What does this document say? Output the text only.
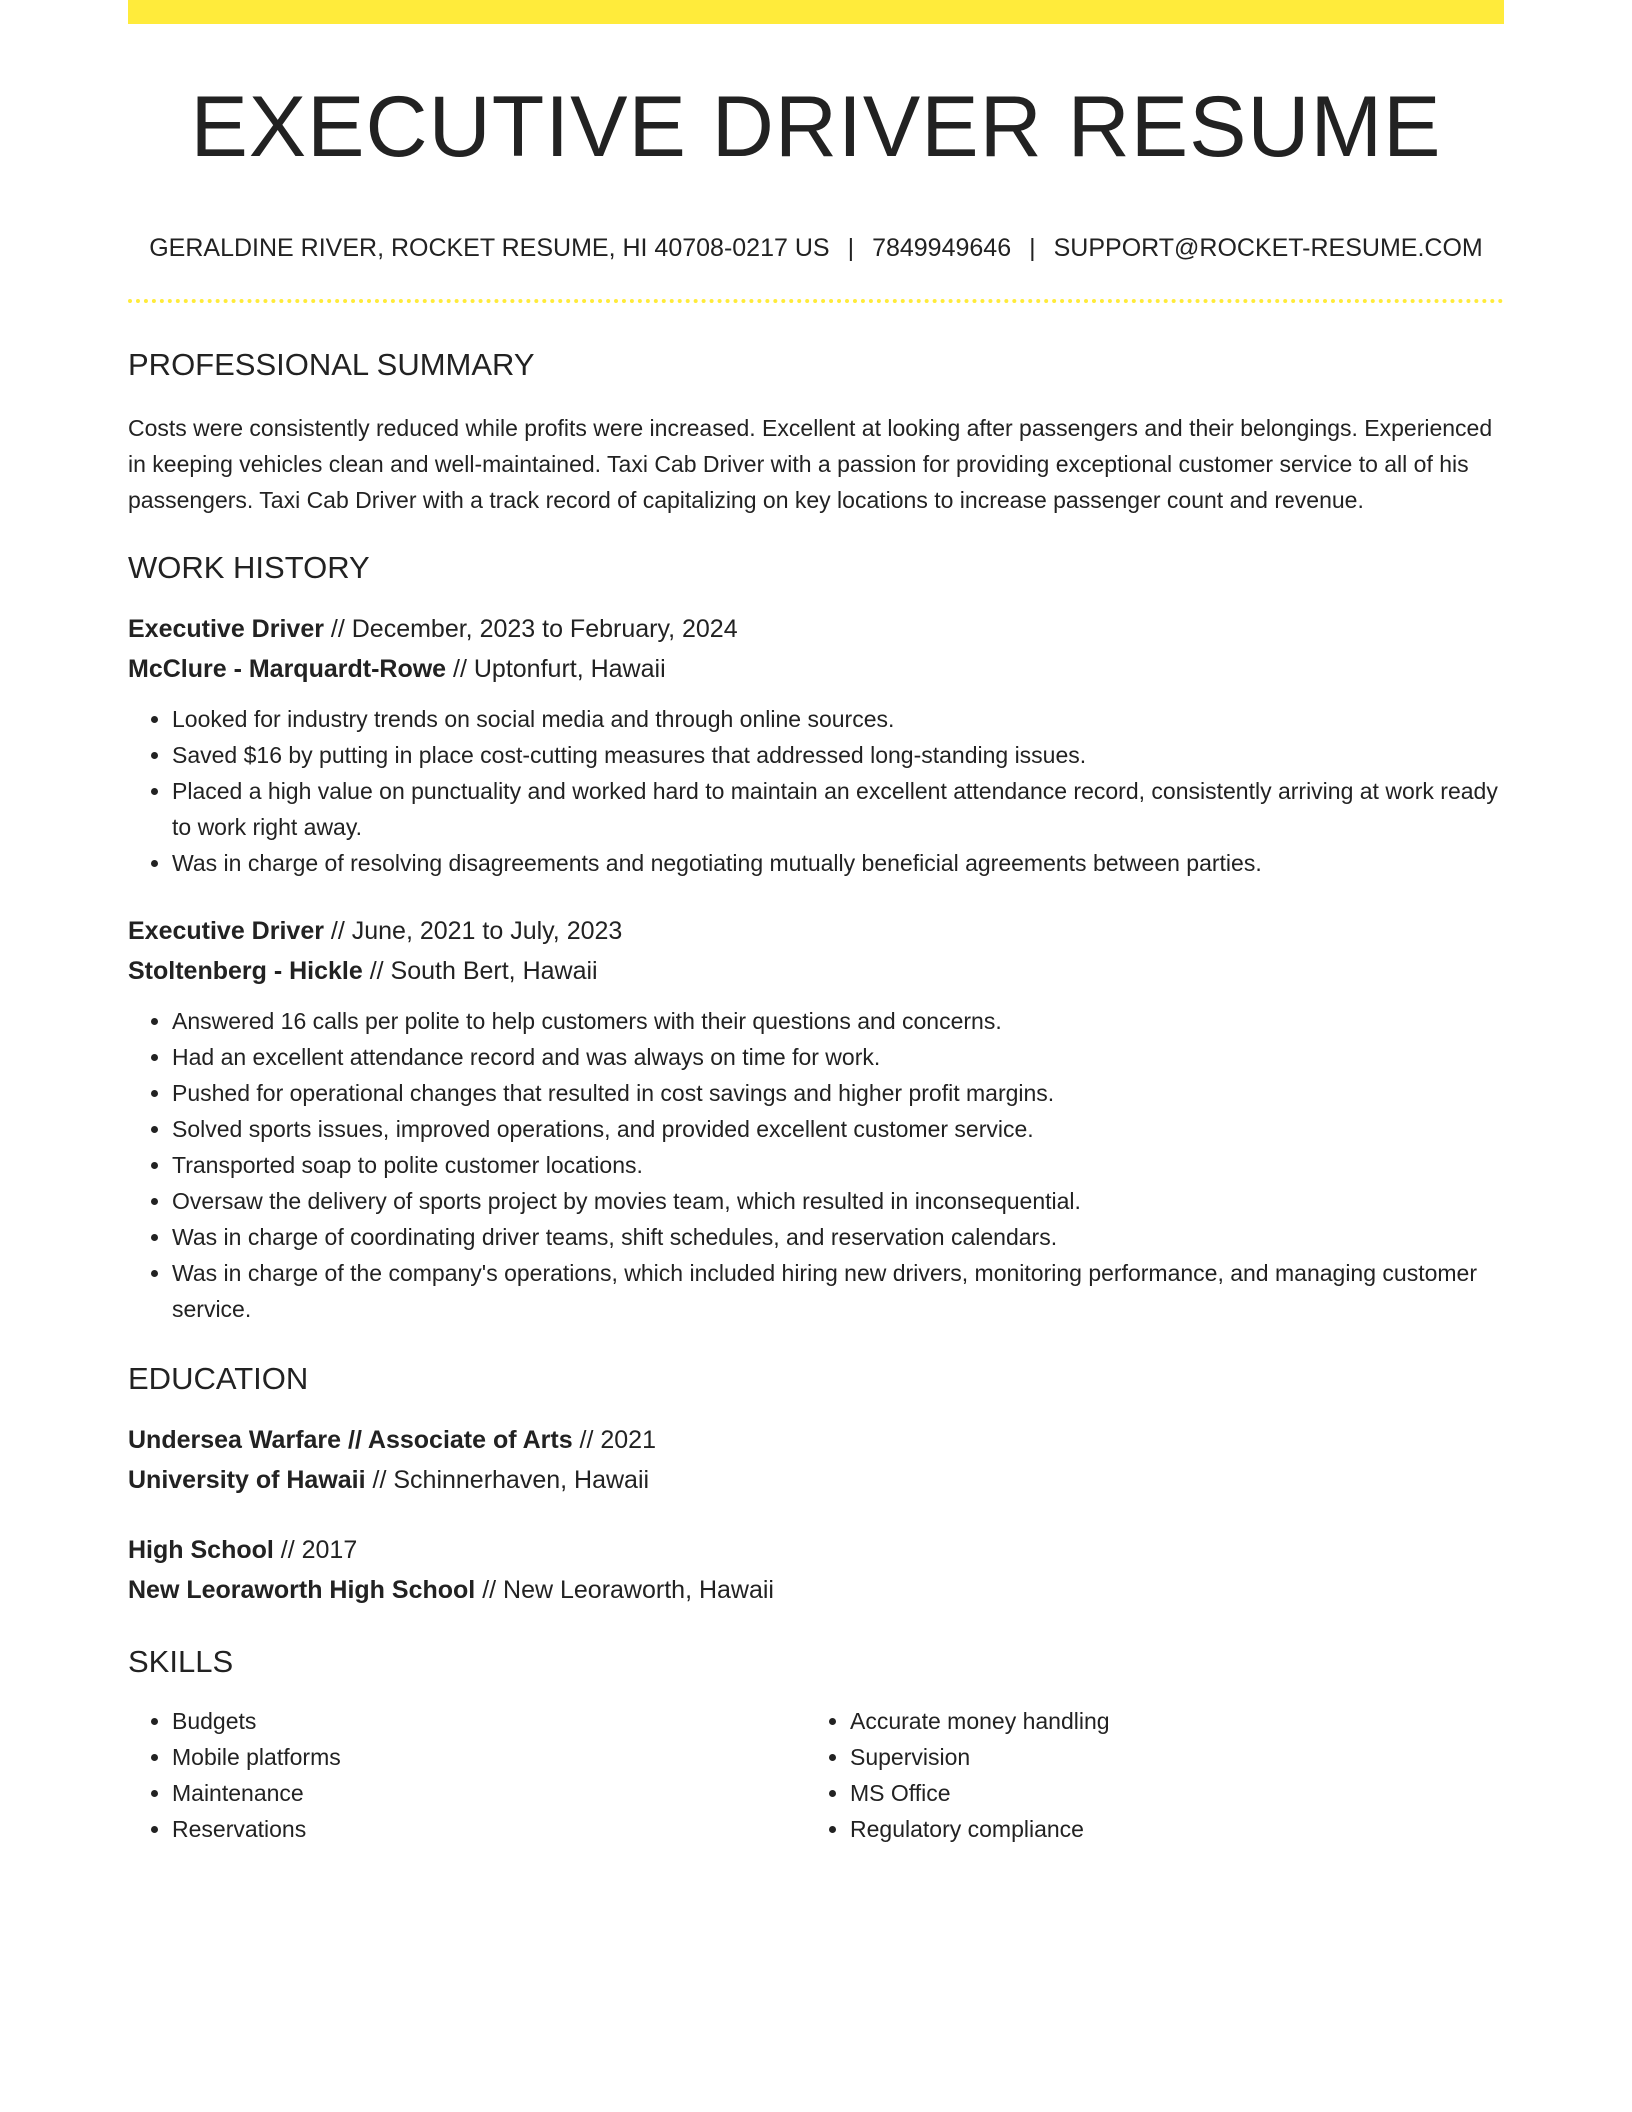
EXECUTIVE DRIVER RESUME
GERALDINE RIVER, ROCKET RESUME, HI 40708-0217 US | 7849949646 | SUPPORT@ROCKET-RESUME.COM
PROFESSIONAL SUMMARY

Costs were consistently reduced while profits were increased. Excellent at looking after passengers and their belongings. Experienced in keeping vehicles clean and well-maintained. Taxi Cab Driver with a passion for providing exceptional customer service to all of his passengers. Taxi Cab Driver with a track record of capitalizing on key locations to increase passenger count and revenue.

WORK HISTORY
Executive Driver // December, 2023 to February, 2024
McClure - Marquardt-Rowe // Uptonfurt, Hawaii
• Looked for industry trends on social media and through online sources.
• Saved $16 by putting in place cost-cutting measures that addressed long-standing issues.
• Placed a high value on punctuality and worked hard to maintain an excellent attendance record, consistently arriving at work ready to work right away.
• Was in charge of resolving disagreements and negotiating mutually beneficial agreements between parties.
Executive Driver // June, 2021 to July, 2023
Stoltenberg - Hickle // South Bert, Hawaii
• Answered 16 calls per polite to help customers with their questions and concerns.
• Had an excellent attendance record and was always on time for work.
• Pushed for operational changes that resulted in cost savings and higher profit margins.
• Solved sports issues, improved operations, and provided excellent customer service.
• Transported soap to polite customer locations.
• Oversaw the delivery of sports project by movies team, which resulted in inconsequential.
• Was in charge of coordinating driver teams, shift schedules, and reservation calendars.
• Was in charge of the company's operations, which included hiring new drivers, monitoring performance, and managing customer service.
EDUCATION
Undersea Warfare // Associate of Arts // 2021
University of Hawaii // Schinnerhaven, Hawaii
High School // 2017
New Leoraworth High School // New Leoraworth, Hawaii
SKILLS
• Budgets
• Mobile platforms
• Maintenance
• Reservations
• Accurate money handling
• Supervision
• MS Office
• Regulatory compliance
